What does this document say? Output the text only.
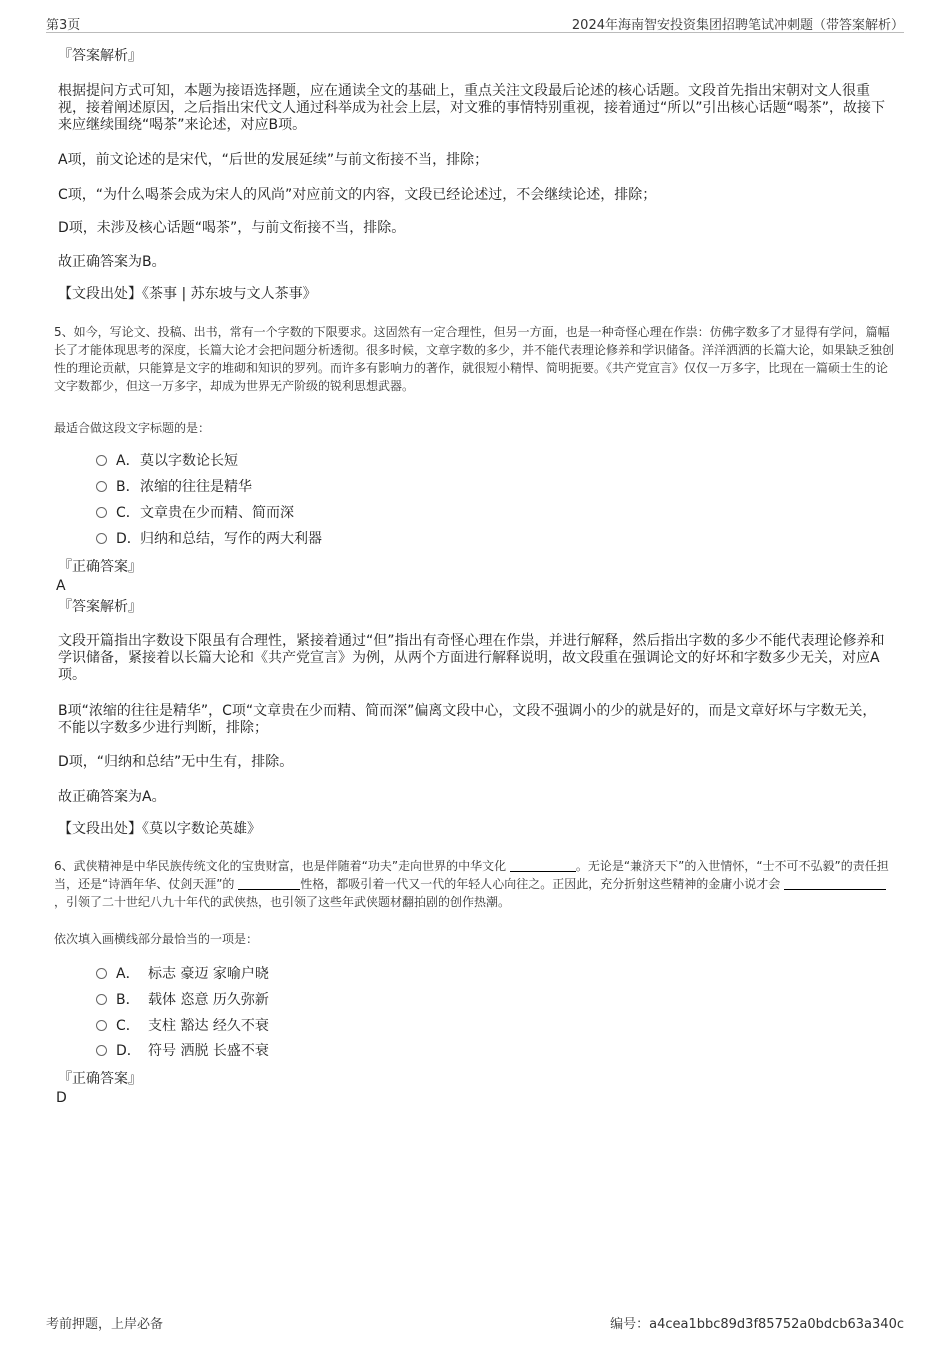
第3页	2024年海南智安投资集团招聘笔试冲刺题（带答案解析）
『答案解析』
根据提问方式可知，本题为接语选择题，应在通读全文的基础上，重点关注文段最后论述的核心话题。文段首先指出宋朝对文人很重视，接着阐述原因，之后指出宋代文人通过科举成为社会上层，对文雅的事情特别重视，接着通过“所以”引出核心话题“喝茶”，故接下来应继续围绕“喝茶”来论述，对应B项。
A项，前文论述的是宋代，“后世的发展延续”与前文衔接不当，排除；
C项，“为什么喝茶会成为宋人的风尚”对应前文的内容，文段已经论述过，不会继续论述，排除；
D项，未涉及核心话题“喝茶”，与前文衔接不当，排除。
故正确答案为B。
【文段出处】《茶事 | 苏东坡与文人茶事》
5、如今，写论文、投稿、出书，常有一个字数的下限要求。这固然有一定合理性，但另一方面，也是一种奇怪心理在作祟：仿佛字数多了才显得有学问，篇幅长了才能体现思考的深度，长篇大论才会把问题分析透彻。很多时候，文章字数的多少，并不能代表理论修养和学识储备。洋洋洒洒的长篇大论，如果缺乏独创性的理论贡献，只能算是文字的堆砌和知识的罗列。而许多有影响力的著作，就很短小精悍、简明扼要。《共产党宣言》仅仅一万多字，比现在一篇硕士生的论文字数都少，但这一万多字，却成为世界无产阶级的锐利思想武器。
最适合做这段文字标题的是：
A．莫以字数论长短
B．浓缩的往往是精华
C．文章贵在少而精、简而深
D．归纳和总结，写作的两大利器
『正确答案』
A
『答案解析』
文段开篇指出字数设下限虽有合理性，紧接着通过“但”指出有奇怪心理在作祟，并进行解释，然后指出字数的多少不能代表理论修养和学识储备，紧接着以长篇大论和《共产党宣言》为例，从两个方面进行解释说明，故文段重在强调论文的好坏和字数多少无关，对应A项。
B项“浓缩的往往是精华”，C项“文章贵在少而精、简而深”偏离文段中心，文段不强调小的少的就是好的，而是文章好坏与字数无关，不能以字数多少进行判断，排除；
D项，“归纳和总结”无中生有，排除。
故正确答案为A。
【文段出处】《莫以字数论英雄》
6、武侠精神是中华民族传统文化的宝贵财富，也是伴随着“功夫”走向世界的中华文化	。无论是“兼济天下”的入世情怀，“士不可不弘毅”的责任担当，还是“诗酒年华、仗剑天涯”的	性格，都吸引着一代又一代的年轻人心向往之。正因此，充分折射这些精神的金庸小说才会 ，引领了二十世纪八九十年代的武侠热，也引领了这些年武侠题材翻拍剧的创作热潮。
依次填入画横线部分最恰当的一项是：
A． 标志 豪迈 家喻户晓
B． 载体 恣意 历久弥新
C． 支柱 豁达 经久不衰
D． 符号 洒脱 长盛不衰
『正确答案』
D
考前押题，上岸必备	编号：a4cea1bbc89d3f85752a0bdcb63a340c
